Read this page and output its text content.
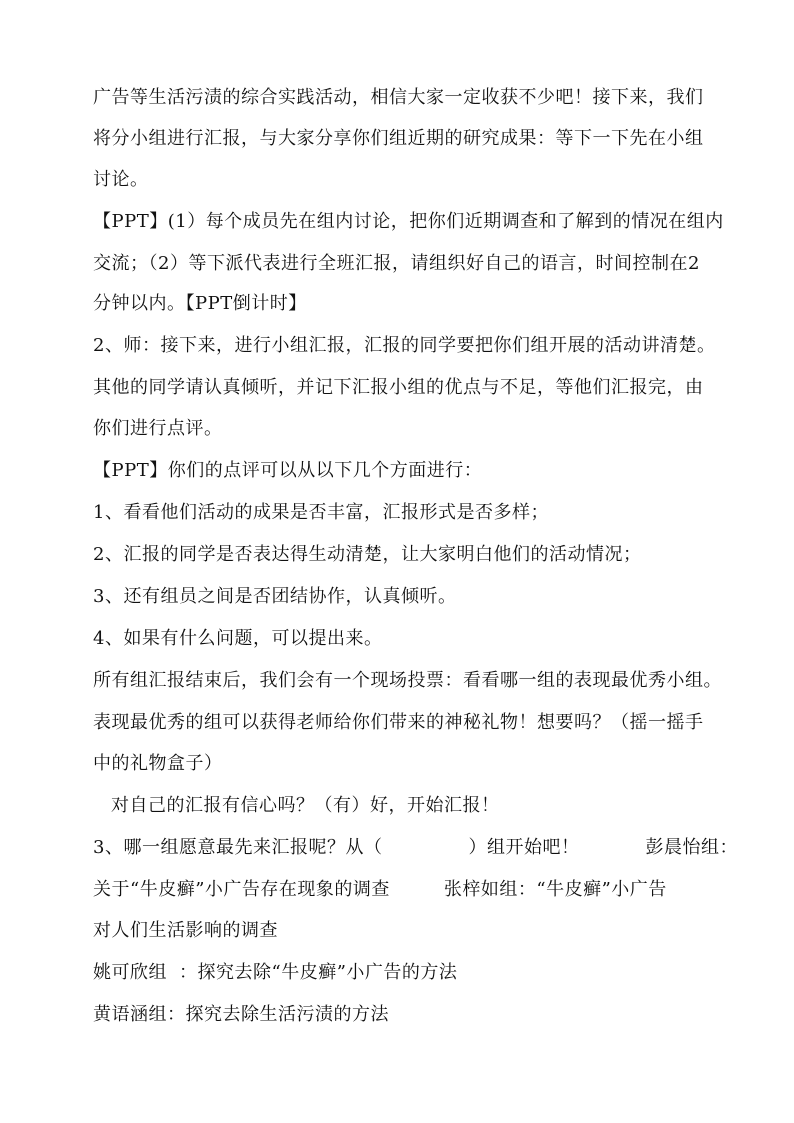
广告等生活污渍的综合实践活动，相信大家一定收获不少吧！接下来，我们
将分小组进行汇报，与大家分享你们组近期的研究成果：等下一下先在小组
讨论。
【PPT】(1）每个成员先在组内讨论，把你们近期调查和了解到的情况在组内
交流；（2）等下派代表进行全班汇报，请组织好自己的语言，时间控制在2
分钟以内。【PPT倒计时】
2、师：接下来，进行小组汇报，汇报的同学要把你们组开展的活动讲清楚。
其他的同学请认真倾听，并记下汇报小组的优点与不足，等他们汇报完，由
你们进行点评。
【PPT】你们的点评可以从以下几个方面进行：
1、看看他们活动的成果是否丰富，汇报形式是否多样；
2、汇报的同学是否表达得生动清楚，让大家明白他们的活动情况；
3、还有组员之间是否团结协作，认真倾听。
4、如果有什么问题，可以提出来。
所有组汇报结束后，我们会有一个现场投票：看看哪一组的表现最优秀小组。
表现最优秀的组可以获得老师给你们带来的神秘礼物！想要吗？（摇一摇手
中的礼物盒子）
对自己的汇报有信心吗？（有）好，开始汇报！
3、哪一组愿意最先来汇报呢？从（	）组开始吧！	彭晨怡组：
关于“牛皮癣”小广告存在现象的调查	张梓如组：“牛皮癣”小广告
对人们生活影响的调查
姚可欣组 ：探究去除“牛皮癣”小广告的方法
黄语涵组：探究去除生活污渍的方法
